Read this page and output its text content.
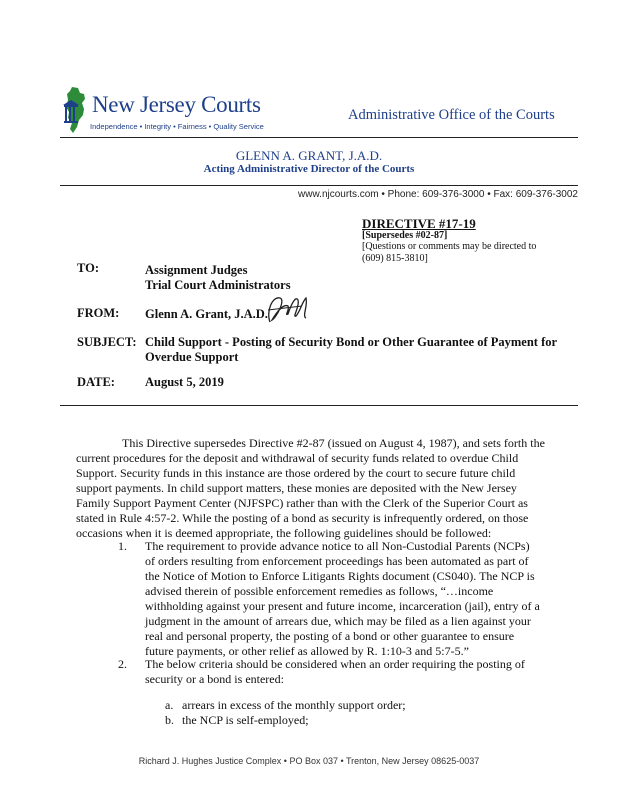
New Jersey Courts
Independence • Integrity • Fairness • Quality Service
Administrative Office of the Courts
GLENN A. GRANT, J.A.D.
Acting Administrative Director of the Courts
www.njcourts.com • Phone: 609-376-3000 • Fax: 609-376-3002
DIRECTIVE #17-19
[Supersedes #02-87]
[Questions or comments may be directed to
(609) 815-3810]
TO:	Assignment Judges
Trial Court Administrators
FROM: Glenn A. Grant, J.A.D.
SUBJECT: Child Support - Posting of Security Bond or Other Guarantee of Payment for
Overdue Support
DATE: August 5, 2019
This Directive supersedes Directive #2-87 (issued on August 4, 1987), and sets forth the
current procedures for the deposit and withdrawal of security funds related to overdue Child
Support. Security funds in this instance are those ordered by the court to secure future child
support payments. In child support matters, these monies are deposited with the New Jersey
Family Support Payment Center (NJFSPC) rather than with the Clerk of the Superior Court as
stated in Rule 4:57-2. While the posting of a bond as security is infrequently ordered, on those
occasions when it is deemed appropriate, the following guidelines should be followed:
1. The requirement to provide advance notice to all Non-Custodial Parents (NCPs)
of orders resulting from enforcement proceedings has been automated as part of
the Notice of Motion to Enforce Litigants Rights document (CS040). The NCP is
advised therein of possible enforcement remedies as follows, “…income
withholding against your present and future income, incarceration (jail), entry of a
judgment in the amount of arrears due, which may be filed as a lien against your
real and personal property, the posting of a bond or other guarantee to ensure
future payments, or other relief as allowed by R. 1:10-3 and 5:7-5.”
2. The below criteria should be considered when an order requiring the posting of
security or a bond is entered:
a. arrears in excess of the monthly support order;
b. the NCP is self-employed;
Richard J. Hughes Justice Complex • PO Box 037 • Trenton, New Jersey 08625-0037
